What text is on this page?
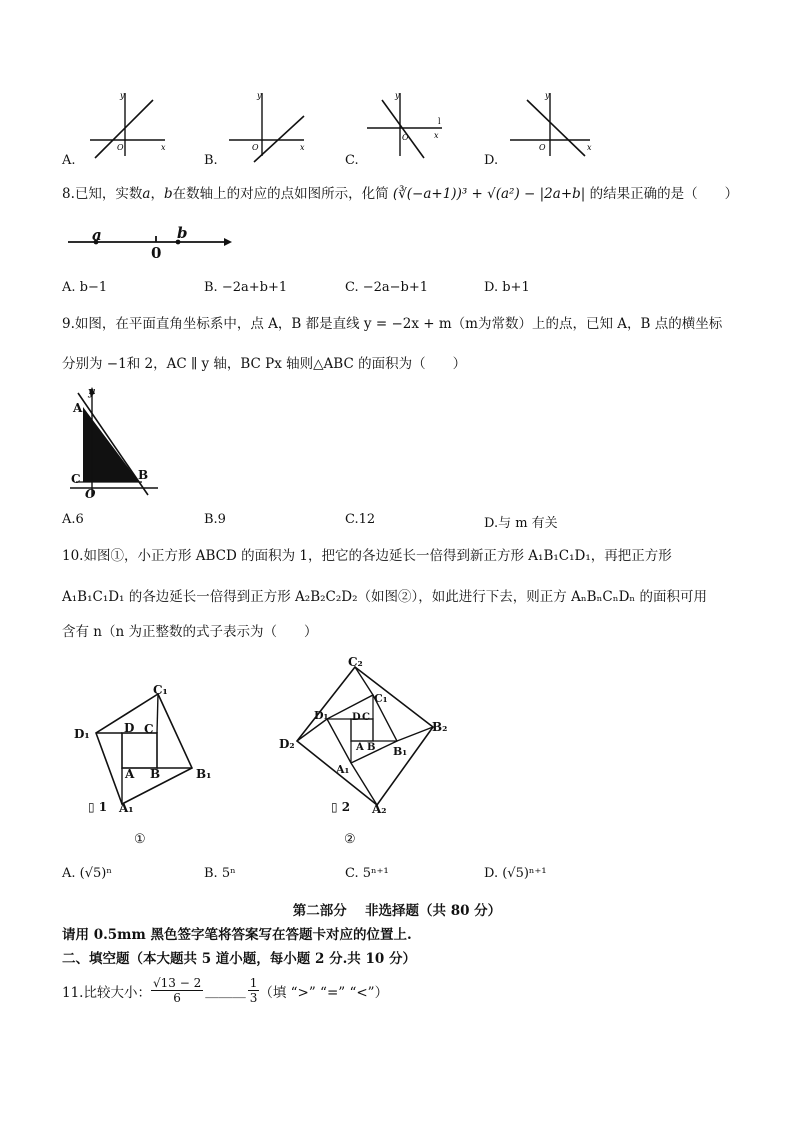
y
x
O
y
x
O
y
x
O
l
y
x
O
A.	B.	C.	D.
8.已知，实数a，b在数轴上的对应的点如图所示，化简 (∛(−a+1))³ + √(a²) − |2a+b| 的结果正确的是（　　）
a
0
b
A. b−1	B. −2a+b+1	C. −2a−b+1	D. b+1
9.如图，在平面直角坐标系中，点 A，B 都是直线 y = −2x + m（m为常数）上的点，已知 A，B 点的横坐标
分别为 −1和 2，AC ∥ y 轴，BC Px 轴则△ABC 的面积为（　　）
y
A
C	B
O
A.6	B.9	C.12	D.与 m 有关
10.如图①，小正方形 ABCD 的面积为 1，把它的各边延长一倍得到新正方形 A₁B₁C₁D₁，再把正方形
A₁B₁C₁D₁ 的各边延长一倍得到正方形 A₂B₂C₂D₂（如图②），如此进行下去，则正方 AₙBₙCₙDₙ 的面积可用
含有 n（n 为正整数的式子表示为（　　）
C₁
D₁	D C
A B	B₁
A₁
▯ 1
C₂
C₁
D₁ D C
D₂
B₂
A B B₁
A₁
A₂
▯ 2
①	②
A. (√5)ⁿ	B. 5ⁿ	C. 5ⁿ⁺¹	D. (√5)ⁿ⁺¹
第二部分　 非选择题（共 80 分）
请用 0.5mm 黑色签字笔将答案写在答题卡对应的位置上.
二、填空题（本大题共 5 道小题，每小题 2 分.共 10 分）
11.比较大小： $\frac{√13 - 2}{6}$ ______ $\frac{1}{3}$ （填 “>” “=” “<”）
